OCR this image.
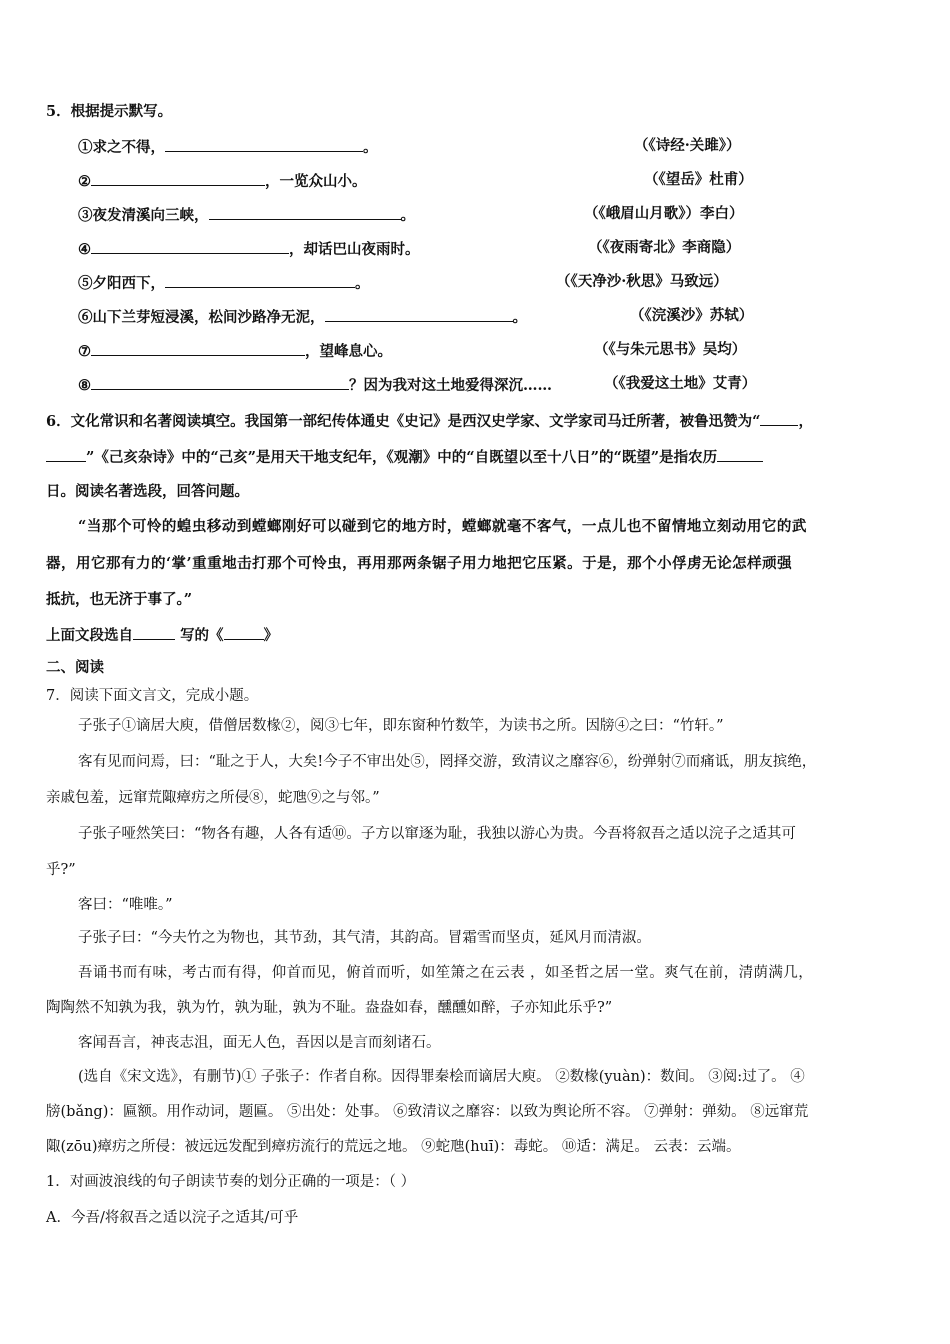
5．根据提示默写。
①求之不得，	。	（《诗经·关雎》）
②	，一览众山小。	（《望岳》杜甫）
③夜发清溪向三峡，	。	（《峨眉山月歌》）李白）
④	，却话巴山夜雨时。	（《夜雨寄北》李商隐）
⑤夕阳西下，	。	（《天净沙·秋思》马致远）
⑥山下兰芽短浸溪，松间沙路净无泥，	。	（《浣溪沙》苏轼）
⑦	，望峰息心。	（《与朱元思书》吴均）
⑧	？因为我对这土地爱得深沉……	（《我爱这土地》艾青）
6．文化常识和名著阅读填空。我国第一部纪传体通史《史记》是西汉史学家、文学家司马迁所著，被鲁迅赞为“	，
”《己亥杂诗》中的“己亥”是用天干地支纪年，《观潮》中的“自既望以至十八日”的“既望”是指农历
日。阅读名著选段，回答问题。
“当那个可怜的蝗虫移动到螳螂刚好可以碰到它的地方时，螳螂就毫不客气，一点儿也不留情地立刻动用它的武
器，用它那有力的‘掌’重重地击打那个可怜虫，再用那两条锯子用力地把它压紧。于是，那个小俘虏无论怎样顽强
抵抗，也无济于事了。”
上面文段选自	写的《	》
二、阅读
7．阅读下面文言文，完成小题。
子张子①谪居大庾，借僧居数椽②，阅③七年，即东窗种竹数竿，为读书之所。因牓④之曰：“竹轩。”
客有见而问焉，曰：“耻之于人，大矣!今子不审出处⑤，罔择交游，致清议之靡容⑥，纷弹射⑦而痛诋，朋友摈绝，
亲戚包羞，远窜荒陬瘴疠之所侵⑧，蛇虺⑨之与邻。”
子张子哑然笑曰：“物各有趣，人各有适⑩。子方以窜逐为耻，我独以游心为贵。今吾将叙吾之适以浣子之适其可
乎?”
客曰：“唯唯。”
子张子曰：“今夫竹之为物也，其节劲，其气清，其韵高。冒霜雪而坚贞，延风月而清淑。
吾诵书而有味，考古而有得，仰首而见，俯首而听，如笙箫之在云表 ，如圣哲之居一堂。爽气在前，清荫满几，
陶陶然不知孰为我，孰为竹，孰为耻，孰为不耻。盎盎如春，醺醺如醉，子亦知此乐乎?”
客闻吾言，神丧志沮，面无人色，吾因以是言而刻诸石。
(选自《宋文选》，有删节)① 子张子：作者自称。因得罪秦桧而谪居大庾。 ②数椽(yuàn)：数间。 ③阅:过了。 ④
牓(bǎng)：匾额。用作动词，题匾。 ⑤出处：处事。 ⑥致清议之靡容：以致为舆论所不容。 ⑦弹射：弹劾。 ⑧远窜荒
陬(zōu)瘴疠之所侵：被远远发配到瘴疠流行的荒远之地。 ⑨蛇虺(huī)：毒蛇。 ⑩适：满足。 云表：云端。
1．对画波浪线的句子朗读节奏的划分正确的一项是：（ ）
A．今吾/将叙吾之适以浣子之适其/可乎
